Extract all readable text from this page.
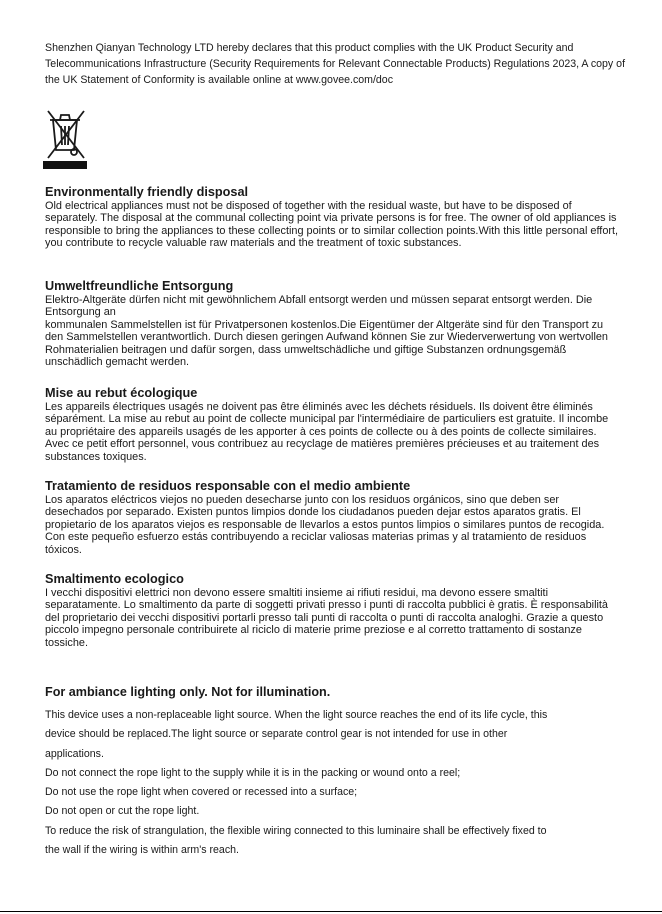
Shenzhen Qianyan Technology LTD hereby declares that this product complies with the UK Product Security and Telecommunications Infrastructure (Security Requirements for Relevant Connectable Products) Regulations 2023, A copy of the UK Statement of Conformity is available online at www.govee.com/doc

Environmentally friendly disposal

Old electrical appliances must not be disposed of together with the residual waste, but have to be disposed of separately. The disposal at the communal collecting point via private persons is for free. The owner of old appliances is responsible to bring the appliances to these collecting points or to similar collection points.With this little personal effort, you contribute to recycle valuable raw materials and the treatment of toxic substances.

Umweltfreundliche Entsorgung

Elektro-Altgeräte dürfen nicht mit gewöhnlichem Abfall entsorgt werden und müssen separat entsorgt werden. Die Entsorgung an

kommunalen Sammelstellen ist für Privatpersonen kostenlos.Die Eigentümer der Altgeräte sind für den Transport zu den Sammelstellen verantwortlich. Durch diesen geringen Aufwand können Sie zur Wiederverwertung von wertvollen Rohmaterialien beitragen und dafür sorgen, dass umweltschädliche und giftige Substanzen ordnungsgemäß unschädlich gemacht werden.

Mise au rebut écologique

Les appareils électriques usagés ne doivent pas être éliminés avec les déchets résiduels. Ils doivent être éliminés séparément. La mise au rebut au point de collecte municipal par l'intermédiaire de particuliers est gratuite. Il incombe au propriétaire des appareils usagés de les apporter à ces points de collecte ou à des points de collecte similaires. Avec ce petit effort personnel, vous contribuez au recyclage de matières premières précieuses et au traitement des substances toxiques.

Tratamiento de residuos responsable con el medio ambiente

Los aparatos eléctricos viejos no pueden desecharse junto con los residuos orgánicos, sino que deben ser desechados por separado. Existen puntos limpios donde los ciudadanos pueden dejar estos aparatos gratis. El propietario de los aparatos viejos es responsable de llevarlos a estos puntos limpios o similares puntos de recogida. Con este pequeño esfuerzo estás contribuyendo a reciclar valiosas materias primas y al tratamiento de residuos tóxicos.

Smaltimento ecologico

I vecchi dispositivi elettrici non devono essere smaltiti insieme ai rifiuti residui, ma devono essere smaltiti separatamente. Lo smaltimento da parte di soggetti privati presso i punti di raccolta pubblici è gratis. È responsabilità del proprietario dei vecchi dispositivi portarli presso tali punti di raccolta o punti di raccolta analoghi. Grazie a questo piccolo impegno personale contribuirete al riciclo di materie prime preziose e al corretto trattamento di sostanze tossiche.

For ambiance lighting only. Not for illumination.

This device uses a non-replaceable light source. When the light source reaches the end of its life cycle, this

device should be replaced.The light source or separate control gear is not intended for use in other

applications.

Do not connect the rope light to the supply while it is in the packing or wound onto a reel;

Do not use the rope light when covered or recessed into a surface;

Do not open or cut the rope light.

To reduce the risk of strangulation, the flexible wiring connected to this luminaire shall be effectively fixed to

the wall if the wiring is within arm's reach.
